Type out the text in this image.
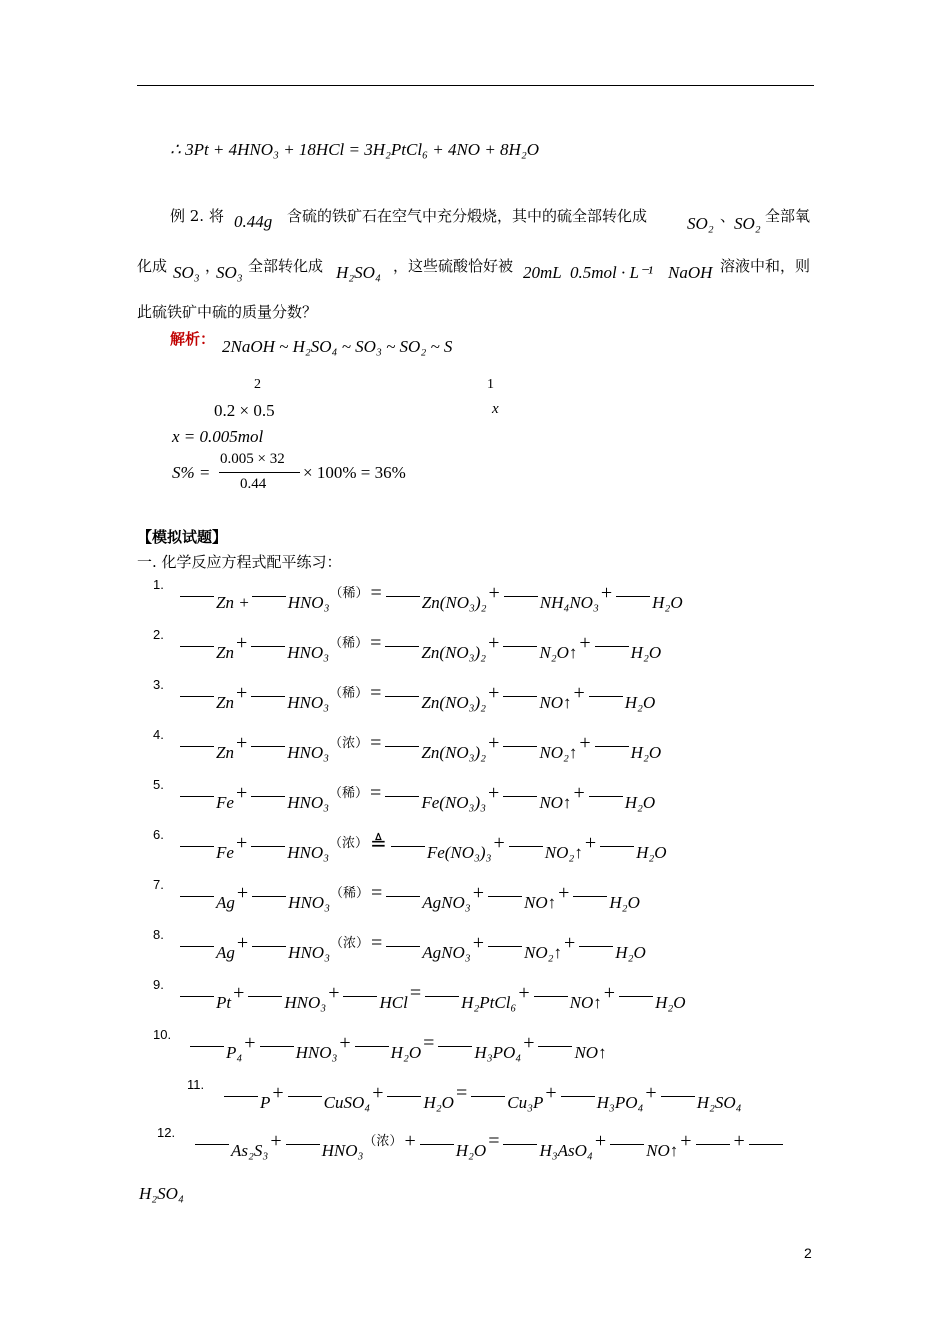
∴ 3Pt + 4HNO₃ + 18HCl = 3H₂PtCl₆ + 4NO + 8H₂O
例 2. 将 0.44g 含硫的铁矿石在空气中充分煅烧，其中的硫全部转化成 SO₂ 、
SO₂ 全部氧
化成 SO₃ ，
SO₃ 全部转化成 H₂SO₄ ，这些硫酸恰好被 20mL 0.5mol · L⁻¹ NaOH 溶液中和，则
此硫铁矿中硫的质量分数？
解析： 2NaOH ~ H₂SO₄ ~ SO₃ ~ SO₂ ~ S
2	1
0.2 × 0.5	x
x = 0.005mol
S% =
0.005 × 32
0.44
× 100% = 36%
【模拟试题】
一. 化学反应方程式配平练习：
1.
Zn + HNO₃ （稀） = Zn(NO₃)₂ + NH₄NO₃ + H₂O
2.
Zn + HNO₃ （稀） = Zn(NO₃)₂ + N₂O↑ + H₂O
3.
Zn + HNO₃ （稀） = Zn(NO₃)₂ + NO↑ + H₂O
4.
Zn + HNO₃ （浓） = Zn(NO₃)₂ + NO₂↑ + H₂O
5.
Fe + HNO₃ （稀） = Fe(NO₃)₃ + NO↑ + H₂O
6.
Fe + HNO₃ （浓） ≜ Fe(NO₃)₃ + NO₂↑ + H₂O
7.
Ag + HNO₃ （稀） = AgNO₃ + NO↑ + H₂O
8.
Ag + HNO₃ （浓） = AgNO₃ + NO₂↑ + H₂O
9.
Pt + HNO₃ + HCl = H₂PtCl₆ + NO↑ + H₂O
10.
P₄ + HNO₃ + H₂O = H₃PO₄ + NO↑
11.
P + CuSO₄ + H₂O = Cu₃P + H₃PO₄ + H₂SO₄
12.
As₂S₃ + HNO₃ （浓） + H₂O = H₃AsO₄ + NO↑ + +
H₂SO₄
2
